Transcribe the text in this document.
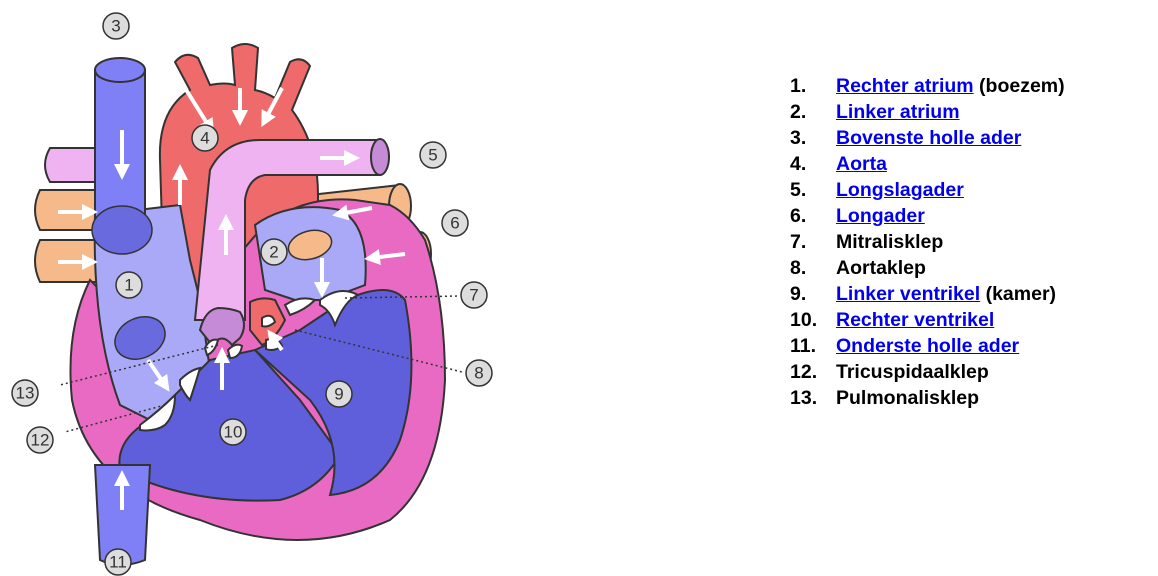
1
2
3
4
5
6
7
8
9
10
11
12
13
1. Rechter atrium (boezem)
2. Linker atrium
3. Bovenste holle ader
4. Aorta
5. Longslagader
6. Longader
7. Mitralisklep
8. Aortaklep
9. Linker ventrikel (kamer)
10. Rechter ventrikel
11. Onderste holle ader
12. Tricuspidaalklep
13. Pulmonalisklep
